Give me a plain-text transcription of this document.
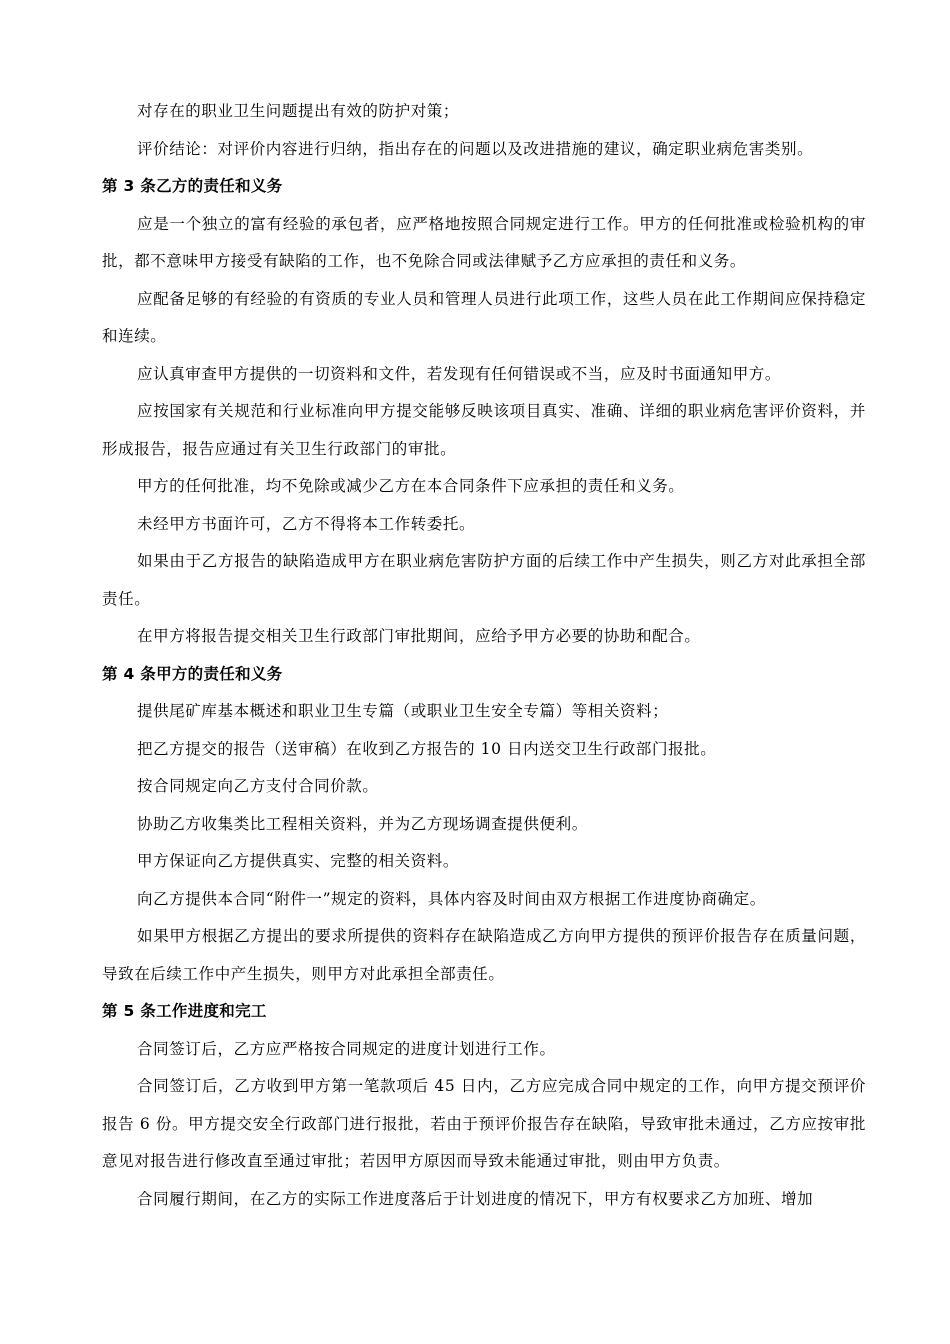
对存在的职业卫生问题提出有效的防护对策；

评价结论：对评价内容进行归纳，指出存在的问题以及改进措施的建议，确定职业病危害类别。

第 3 条乙方的责任和义务

应是一个独立的富有经验的承包者，应严格地按照合同规定进行工作。甲方的任何批准或检验机构的审批，都不意味甲方接受有缺陷的工作，也不免除合同或法律赋予乙方应承担的责任和义务。

应配备足够的有经验的有资质的专业人员和管理人员进行此项工作，这些人员在此工作期间应保持稳定和连续。

应认真审查甲方提供的一切资料和文件，若发现有任何错误或不当，应及时书面通知甲方。

应按国家有关规范和行业标准向甲方提交能够反映该项目真实、准确、详细的职业病危害评价资料，并形成报告，报告应通过有关卫生行政部门的审批。

甲方的任何批准，均不免除或减少乙方在本合同条件下应承担的责任和义务。

未经甲方书面许可，乙方不得将本工作转委托。

如果由于乙方报告的缺陷造成甲方在职业病危害防护方面的后续工作中产生损失，则乙方对此承担全部责任。

在甲方将报告提交相关卫生行政部门审批期间，应给予甲方必要的协助和配合。

第 4 条甲方的责任和义务

提供尾矿库基本概述和职业卫生专篇（或职业卫生安全专篇）等相关资料；

把乙方提交的报告（送审稿）在收到乙方报告的 10 日内送交卫生行政部门报批。

按合同规定向乙方支付合同价款。

协助乙方收集类比工程相关资料，并为乙方现场调查提供便利。

甲方保证向乙方提供真实、完整的相关资料。

向乙方提供本合同“附件一”规定的资料，具体内容及时间由双方根据工作进度协商确定。

如果甲方根据乙方提出的要求所提供的资料存在缺陷造成乙方向甲方提供的预评价报告存在质量问题，导致在后续工作中产生损失，则甲方对此承担全部责任。

第 5 条工作进度和完工

合同签订后，乙方应严格按合同规定的进度计划进行工作。

合同签订后，乙方收到甲方第一笔款项后 45 日内，乙方应完成合同中规定的工作，向甲方提交预评价报告 6 份。甲方提交安全行政部门进行报批，若由于预评价报告存在缺陷，导致审批未通过，乙方应按审批意见对报告进行修改直至通过审批；若因甲方原因而导致未能通过审批，则由甲方负责。

合同履行期间，在乙方的实际工作进度落后于计划进度的情况下，甲方有权要求乙方加班、增加
